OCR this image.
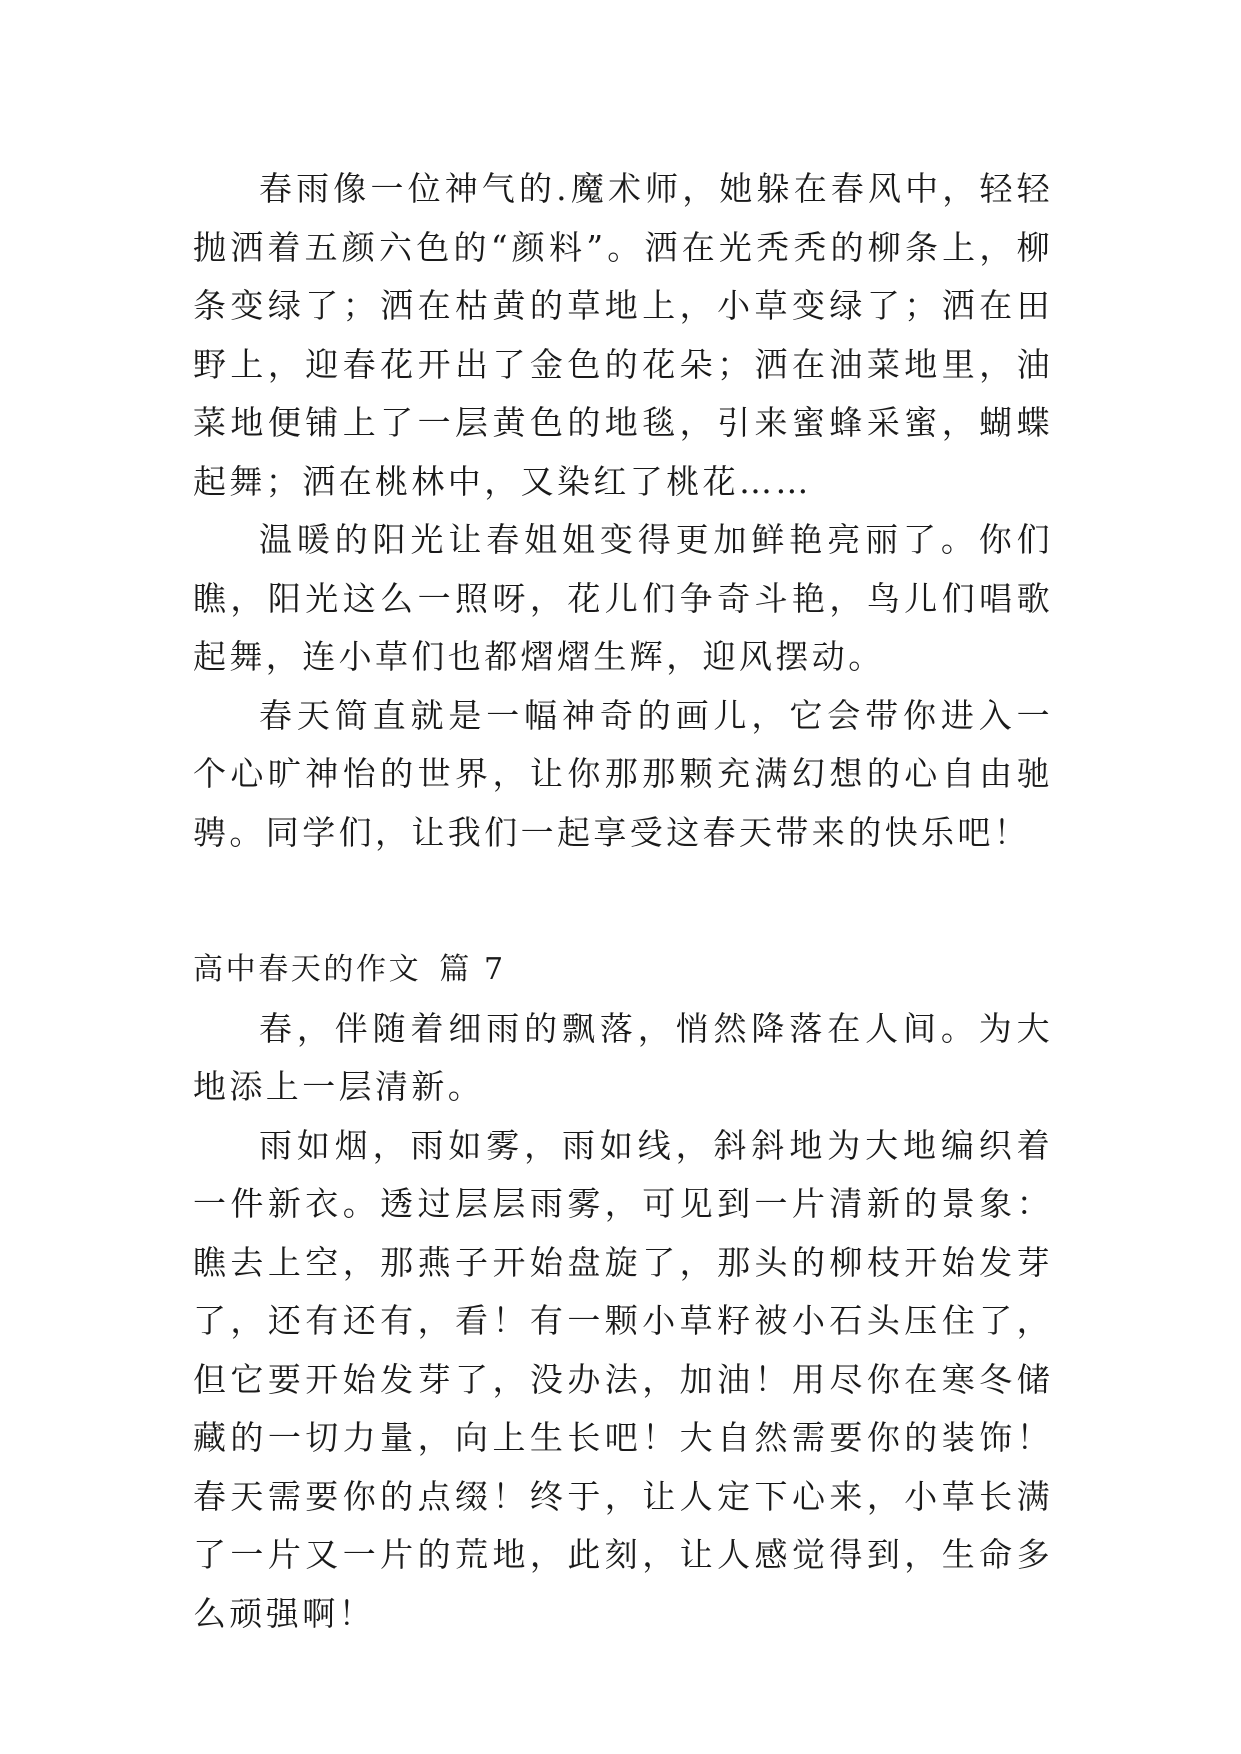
春雨像一位神气的.魔术师，她躲在春风中，轻轻抛洒着五颜六色的“颜料”。洒在光秃秃的柳条上，柳条变绿了；洒在枯黄的草地上，小草变绿了；洒在田野上，迎春花开出了金色的花朵；洒在油菜地里，油菜地便铺上了一层黄色的地毯，引来蜜蜂采蜜，蝴蝶起舞；洒在桃林中，又染红了桃花……

温暖的阳光让春姐姐变得更加鲜艳亮丽了。你们瞧，阳光这么一照呀，花儿们争奇斗艳，鸟儿们唱歌起舞，连小草们也都熠熠生辉，迎风摆动。

春天简直就是一幅神奇的画儿，它会带你进入一个心旷神怡的世界，让你那那颗充满幻想的心自由驰骋。同学们，让我们一起享受这春天带来的快乐吧！

高中春天的作文 篇 7

春，伴随着细雨的飘落，悄然降落在人间。为大地添上一层清新。

雨如烟，雨如雾，雨如线，斜斜地为大地编织着一件新衣。透过层层雨雾，可见到一片清新的景象：瞧去上空，那燕子开始盘旋了，那头的柳枝开始发芽了，还有还有，看！有一颗小草籽被小石头压住了，但它要开始发芽了，没办法，加油！用尽你在寒冬储藏的一切力量，向上生长吧！大自然需要你的装饰！春天需要你的点缀！终于，让人定下心来，小草长满了一片又一片的荒地，此刻，让人感觉得到，生命多么顽强啊！
